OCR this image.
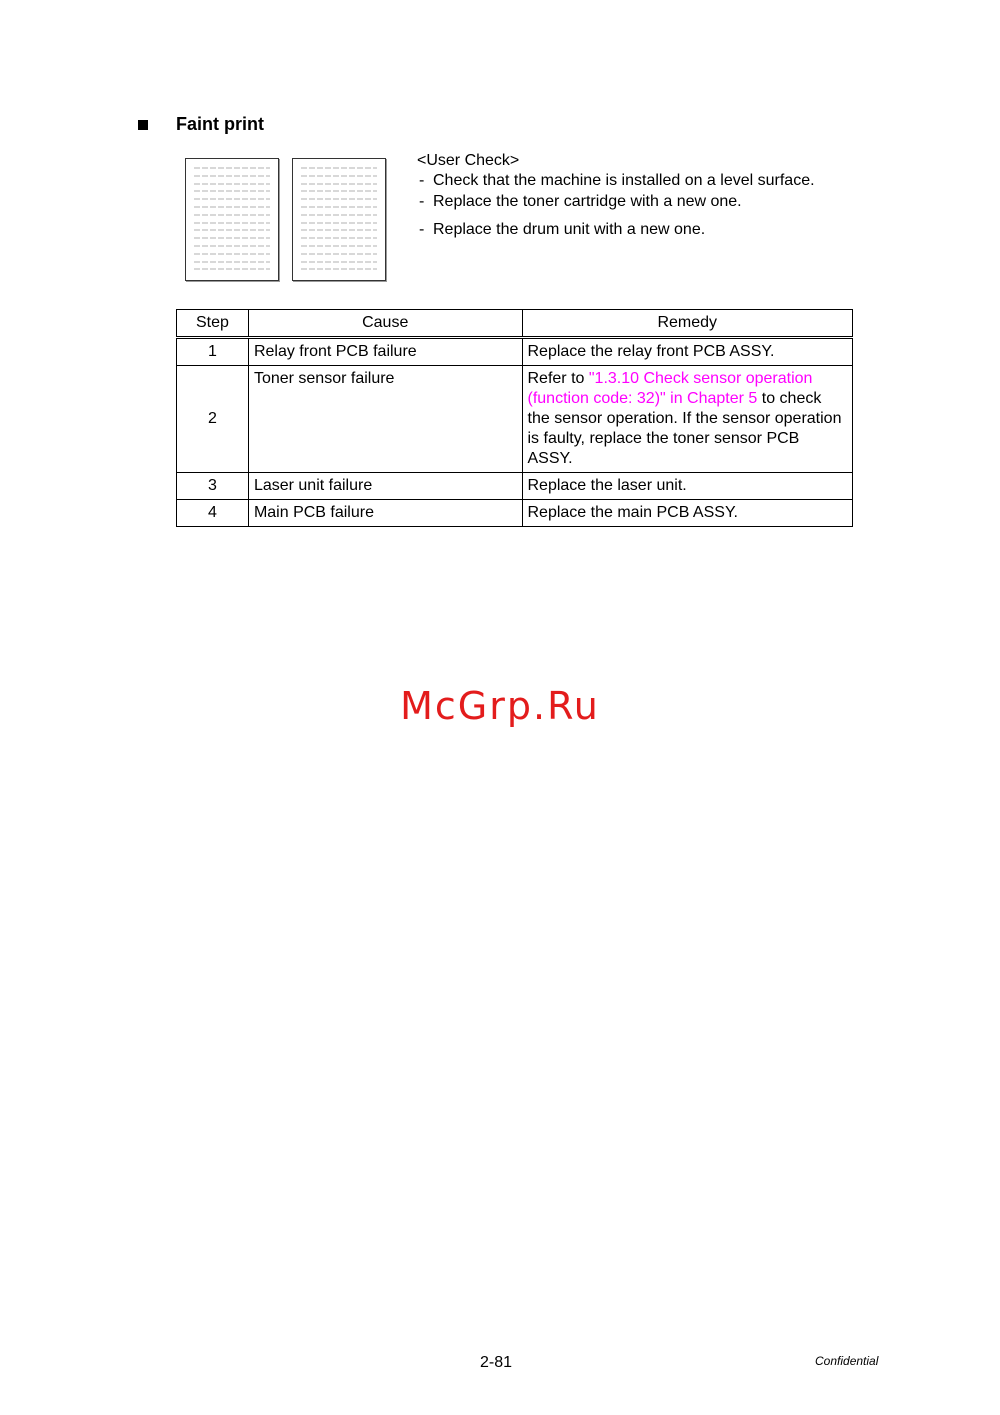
Faint print
<User Check>
- Check that the machine is installed on a level surface.
- Replace the toner cartridge with a new one.
- Replace the drum unit with a new one.
Step	Cause	Remedy
1	Relay front PCB failure	Replace the relay front PCB ASSY.
2	Toner sensor failure	Refer to "1.3.10 Check sensor operation (function code: 32)" in Chapter 5 to check the sensor operation. If the sensor operation is faulty, replace the toner sensor PCB ASSY.
3	Laser unit failure	Replace the laser unit.
4	Main PCB failure	Replace the main PCB ASSY.
McGrp.Ru
2-81	Confidential
